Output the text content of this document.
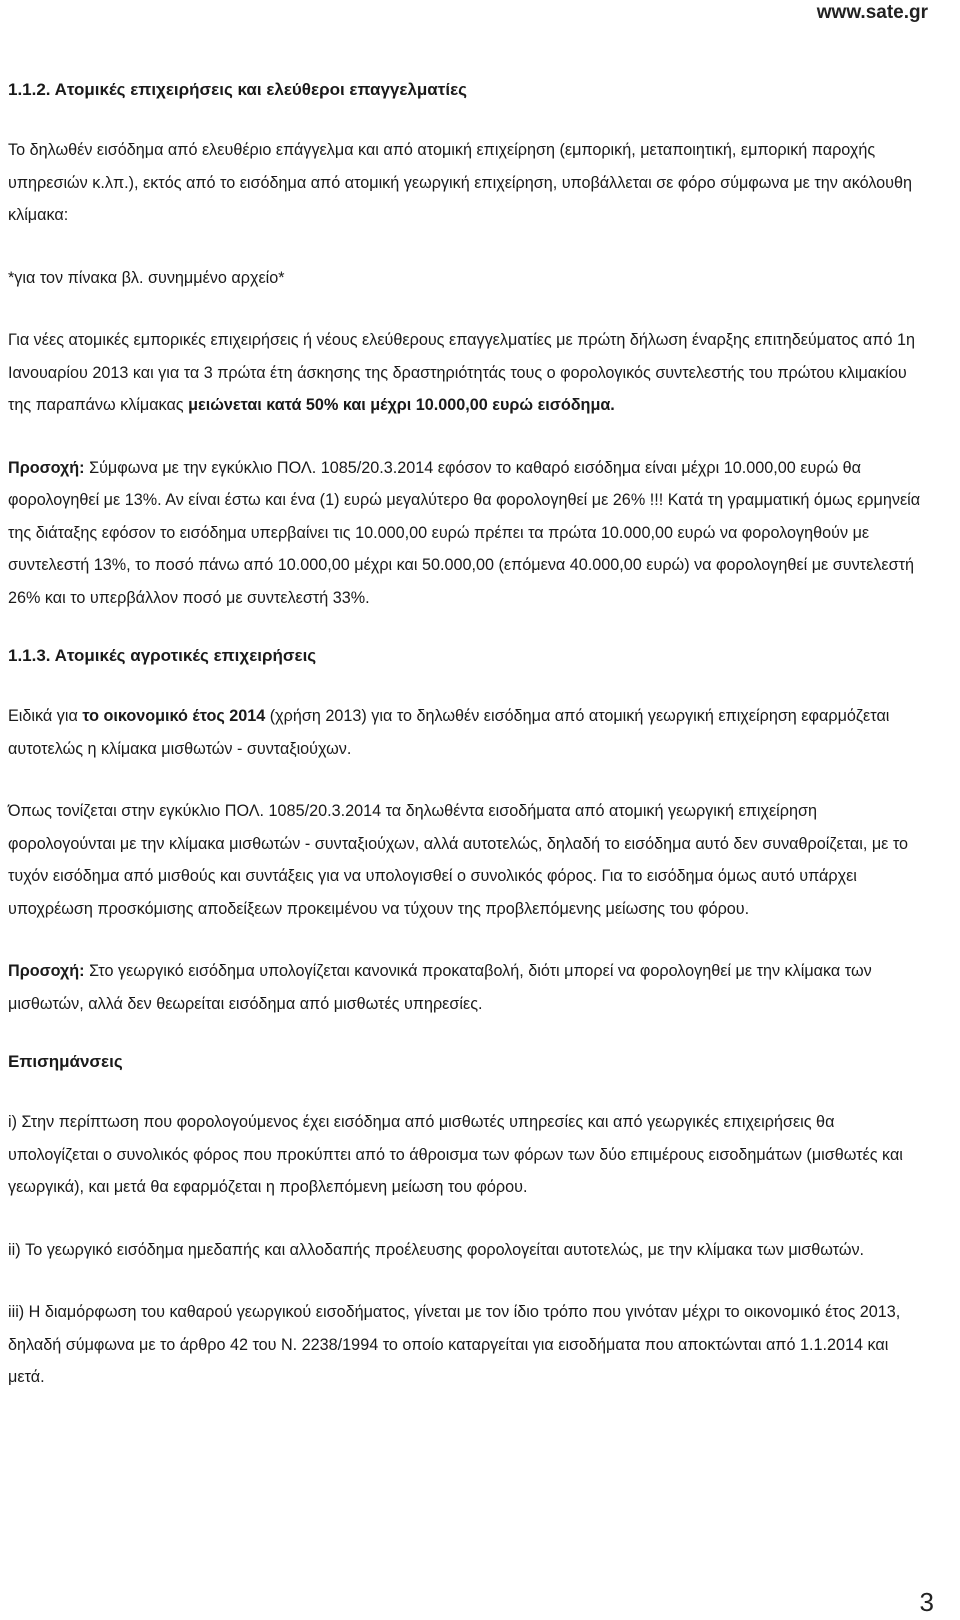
www.sate.gr
1.1.2. Ατομικές επιχειρήσεις και ελεύθεροι επαγγελματίες

Το δηλωθέν εισόδημα από ελευθέριο επάγγελμα και από ατομική επιχείρηση (εμπορική, μεταποιητική, εμπορική παροχής υπηρεσιών κ.λπ.), εκτός από το εισόδημα από ατομική γεωργική επιχείρηση, υποβάλλεται σε φόρο σύμφωνα με την ακόλουθη κλίμακα:

*για τον πίνακα βλ. συνημμένο αρχείο*

Για νέες ατομικές εμπορικές επιχειρήσεις ή νέους ελεύθερους επαγγελματίες με πρώτη δήλωση έναρξης επιτηδεύματος από 1η Ιανουαρίου 2013 και για τα 3 πρώτα έτη άσκησης της δραστηριότητάς τους ο φορολογικός συντελεστής του πρώτου κλιμακίου της παραπάνω κλίμακας μειώνεται κατά 50% και μέχρι 10.000,00 ευρώ εισόδημα.

Προσοχή: Σύμφωνα με την εγκύκλιο ΠΟΛ. 1085/20.3.2014 εφόσον το καθαρό εισόδημα είναι μέχρι 10.000,00 ευρώ θα φορολογηθεί με 13%. Αν είναι έστω και ένα (1) ευρώ μεγαλύτερο θα φορολογηθεί με 26% !!! Κατά τη γραμματική όμως ερμηνεία της διάταξης εφόσον το εισόδημα υπερβαίνει τις 10.000,00 ευρώ πρέπει τα πρώτα 10.000,00 ευρώ να φορολογηθούν με συντελεστή 13%, το ποσό πάνω από 10.000,00 μέχρι και 50.000,00 (επόμενα 40.000,00 ευρώ) να φορολογηθεί με συντελεστή 26% και το υπερβάλλον ποσό με συντελεστή 33%.

1.1.3. Ατομικές αγροτικές επιχειρήσεις

Ειδικά για το οικονομικό έτος 2014 (χρήση 2013) για το δηλωθέν εισόδημα από ατομική γεωργική επιχείρηση εφαρμόζεται αυτοτελώς η κλίμακα μισθωτών - συνταξιούχων.

Όπως τονίζεται στην εγκύκλιο ΠΟΛ. 1085/20.3.2014 τα δηλωθέντα εισοδήματα από ατομική γεωργική επιχείρηση φορολογούνται με την κλίμακα μισθωτών - συνταξιούχων, αλλά αυτοτελώς, δηλαδή το εισόδημα αυτό δεν συναθροίζεται, με το τυχόν εισόδημα από μισθούς και συντάξεις για να υπολογισθεί ο συνολικός φόρος. Για το εισόδημα όμως αυτό υπάρχει υποχρέωση προσκόμισης αποδείξεων προκειμένου να τύχουν της προβλεπόμενης μείωσης του φόρου.

Προσοχή: Στο γεωργικό εισόδημα υπολογίζεται κανονικά προκαταβολή, διότι μπορεί να φορολογηθεί με την κλίμακα των μισθωτών, αλλά δεν θεωρείται εισόδημα από μισθωτές υπηρεσίες.

Επισημάνσεις

i) Στην περίπτωση που φορολογούμενος έχει εισόδημα από μισθωτές υπηρεσίες και από γεωργικές επιχειρήσεις θα υπολογίζεται ο συνολικός φόρος που προκύπτει από το άθροισμα των φόρων των δύο επιμέρους εισοδημάτων (μισθωτές και γεωργικά), και μετά θα εφαρμόζεται η προβλεπόμενη μείωση του φόρου.

ii) Το γεωργικό εισόδημα ημεδαπής και αλλοδαπής προέλευσης φορολογείται αυτοτελώς, με την κλίμακα των μισθωτών.

iii) Η διαμόρφωση του καθαρού γεωργικού εισοδήματος, γίνεται με τον ίδιο τρόπο που γινόταν μέχρι το οικονομικό έτος 2013, δηλαδή σύμφωνα με το άρθρο 42 του Ν. 2238/1994 το οποίο καταργείται για εισοδήματα που αποκτώνται από 1.1.2014 και μετά.

3
